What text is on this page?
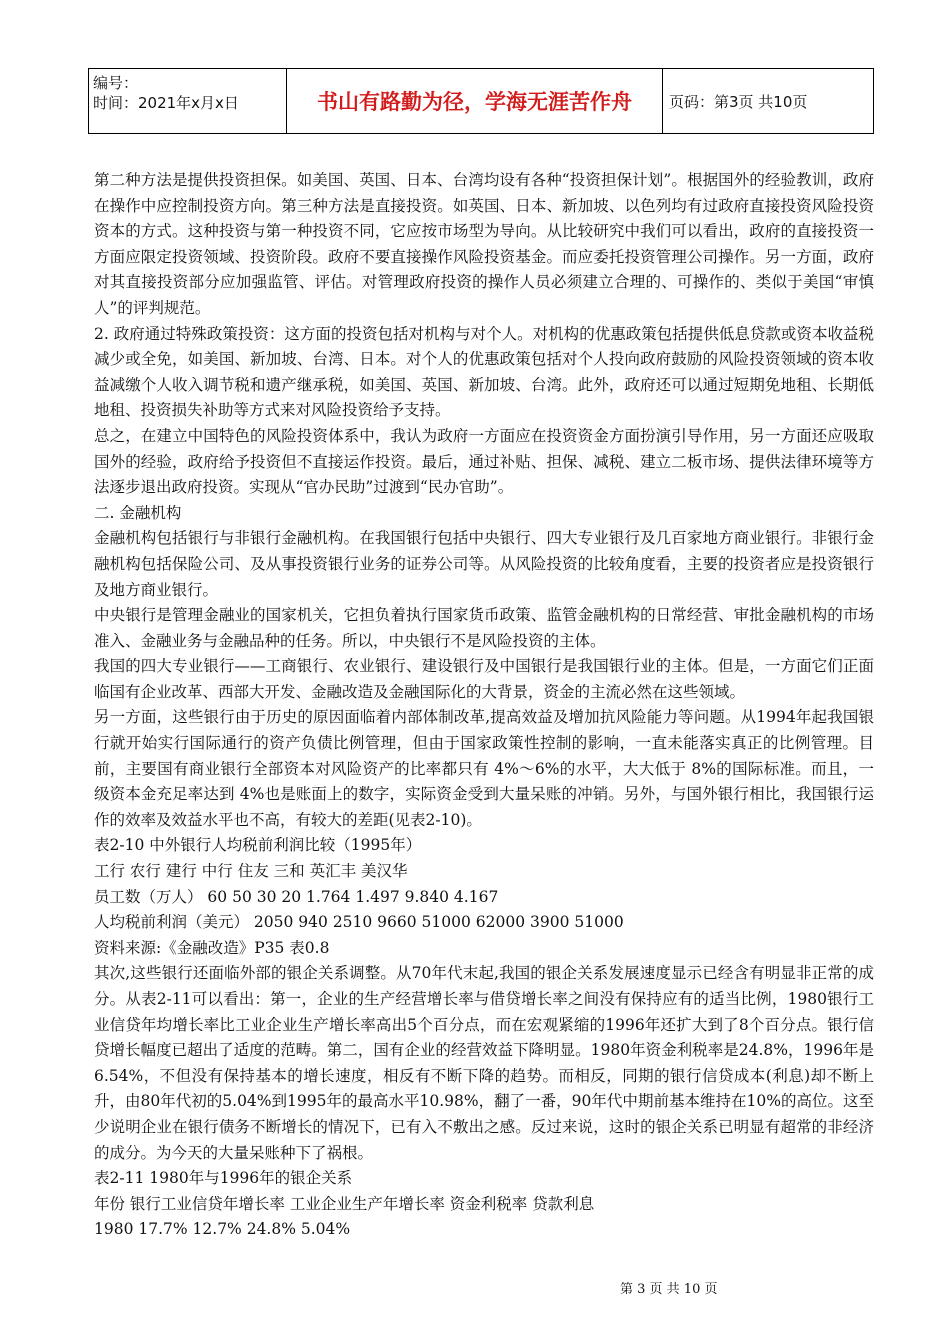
编号：
时间：2021年x月x日	书山有路勤为径，学海无涯苦作舟	页码：第3页 共10页

第二种方法是提供投资担保。如美国、英国、日本、台湾均设有各种“投资担保计划”。根据国外的经验教训，政府在操作中应控制投资方向。第三种方法是直接投资。如英国、日本、新加坡、以色列均有过政府直接投资风险投资资本的方式。这种投资与第一种投资不同，它应按市场型为导向。从比较研究中我们可以看出，政府的直接投资一方面应限定投资领域、投资阶段。政府不要直接操作风险投资基金。而应委托投资管理公司操作。另一方面，政府对其直接投资部分应加强监管、评估。对管理政府投资的操作人员必须建立合理的、可操作的、类似于美国“审慎人”的评判规范。

2. 政府通过特殊政策投资：这方面的投资包括对机构与对个人。对机构的优惠政策包括提供低息贷款或资本收益税减少或全免，如美国、新加坡、台湾、日本。对个人的优惠政策包括对个人投向政府鼓励的风险投资领域的资本收益减缴个人收入调节税和遗产继承税，如美国、英国、新加坡、台湾。此外，政府还可以通过短期免地租、长期低地租、投资损失补助等方式来对风险投资给予支持。

总之，在建立中国特色的风险投资体系中，我认为政府一方面应在投资资金方面扮演引导作用，另一方面还应吸取国外的经验，政府给予投资但不直接运作投资。最后，通过补贴、担保、减税、建立二板市场、提供法律环境等方法逐步退出政府投资。实现从“官办民助”过渡到“民办官助”。

二. 金融机构

金融机构包括银行与非银行金融机构。在我国银行包括中央银行、四大专业银行及几百家地方商业银行。非银行金融机构包括保险公司、及从事投资银行业务的证券公司等。从风险投资的比较角度看，主要的投资者应是投资银行及地方商业银行。

中央银行是管理金融业的国家机关，它担负着执行国家货币政策、监管金融机构的日常经营、审批金融机构的市场准入、金融业务与金融品种的任务。所以，中央银行不是风险投资的主体。

我国的四大专业银行——工商银行、农业银行、建设银行及中国银行是我国银行业的主体。但是，一方面它们正面临国有企业改革、西部大开发、金融改造及金融国际化的大背景，资金的主流必然在这些领域。

另一方面，这些银行由于历史的原因面临着内部体制改革,提高效益及增加抗风险能力等问题。从1994年起我国银行就开始实行国际通行的资产负债比例管理，但由于国家政策性控制的影响，一直未能落实真正的比例管理。目前，主要国有商业银行全部资本对风险资产的比率都只有 4%～6%的水平，大大低于 8%的国际标准。而且，一级资本金充足率达到 4%也是账面上的数字，实际资金受到大量呆账的冲销。另外，与国外银行相比，我国银行运作的效率及效益水平也不高，有较大的差距(见表2-10)。

表2-10 中外银行人均税前利润比较（1995年）

工行 农行 建行 中行 住友 三和 英汇丰 美汉华

员工数（万人） 60 50 30 20 1.764 1.497 9.840 4.167

人均税前利润（美元） 2050 940 2510 9660 51000 62000 3900 51000

资料来源:《金融改造》P35 表0.8

其次,这些银行还面临外部的银企关系调整。从70年代末起,我国的银企关系发展速度显示已经含有明显非正常的成分。从表2-11可以看出：第一，企业的生产经营增长率与借贷增长率之间没有保持应有的适当比例，1980银行工业信贷年均增长率比工业企业生产增长率高出5个百分点，而在宏观紧缩的1996年还扩大到了8个百分点。银行信贷增长幅度已超出了适度的范畴。第二，国有企业的经营效益下降明显。1980年资金利税率是24.8%，1996年是6.54%，不但没有保持基本的增长速度，相反有不断下降的趋势。而相反，同期的银行信贷成本(利息)却不断上升，由80年代初的5.04%到1995年的最高水平10.98%，翻了一番，90年代中期前基本维持在10%的高位。这至少说明企业在银行债务不断增长的情况下，已有入不敷出之感。反过来说，这时的银企关系已明显有超常的非经济的成分。为今天的大量呆账种下了祸根。

表2-11 1980年与1996年的银企关系

年份 银行工业信贷年增长率 工业企业生产年增长率 资金利税率 贷款利息

1980 17.7% 12.7% 24.8% 5.04%

第 3 页 共 10 页
